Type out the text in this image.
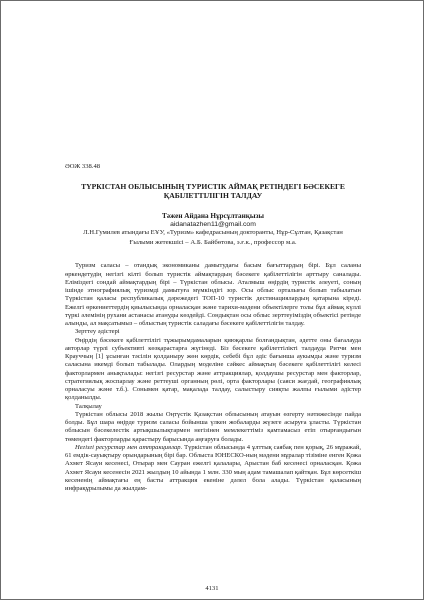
ӘОЖ 338.48

ТҮРКІСТАН ОБЛЫСЫНЫҢ ТУРИСТІК АЙМАҚ РЕТІНДЕГІ БӘСЕКЕГЕ ҚАБІЛЕТТІЛІГІН ТАЛДАУ

Тәжен Айдана Нұрсұлтанқызы

aidanatazhen11@gmail.com

Л.Н.Гумилев атындағы ЕҰУ, «Туризм» кафедрасының докторанты, Нұр-Сұлтан, Қазақстан

Ғылыми жетекшісі – А.Б. Байбөтова, э.ғ.к., профессор м.а.

Туризм саласы – отандық экономиканы дамытудағы басым бағыттардың бірі. Бұл саланы өркендетудің негізгі кілті болып туристік аймақтардың бәсекеге қабілеттілігін арттыру саналады. Еліміздегі сондай аймақтардың бірі – Түркістан облысы. Аталмыш өңірдің туристік әлеуеті, соның ішінде этнографиялық туризмді дамытуға мүмкіндігі зор. Осы облыс орталығы болып табылатын Түркістан қаласы республикалық дәрежедегі ТОП-10 туристік дестинациялардың қатарына кіреді. Ежелгі өркениеттердің қиылысында орналасқан және тарихи-мәдени объектілерге толы бұл аймақ күллі түркі әлемінің рухани астанасы атануды көздейді. Сондықтан осы облыс зерттеуіміздің объектісі ретінде алынды, ал мақсатымыз – облыстың туристік саладағы бәсекеге қабілеттілігін талдау.

Зерттеу әдістері

Өңірдің бәсекеге қабілеттілігі тұжырымдамаларын қиюқарлы болғандықтан, әдетте оны бағалауда авторлар түрлі субъективті көзқарастарға жүгінеді. Біз бәсекеге қабілеттілікті талдауда Ритчи мен Крауччың [1] ұсынған тәсілін қолданыру жөн көрдік, себебі бұл әдіс бағынша аукымды және туризм саласына икемді болып табылады. Олардың моделіне сәйкес аймақтың бәсекеге қабілеттілігі келесі факторлармен анықталады: негізгі ресурстар және аттракциялар, қолдаушы ресурстар мен факторлар, стратегиялық жоспарлау және реттеуші органның рөлі, орта факторлары (саяси жағдай, географиялық орналасуы және т.б.). Сонымен қатар, мақалада талдау, салыстыру сияқты жалпы ғылыми әдістер қолданылды.

Талқылау

Түркістан облысы 2018 жылы Оңтүстік Қазақстан облысының атауын өзгерту нәтижесінде пайда болды. Бұл шара өңірде туризм саласы бойынша үлкен жобаларды жүзеге асыруға ұласты. Түркістан облысын бәсекелестік артықшылықтармен негізінен мемлекеттіміз қамтамасыз етіп отырғандығын төмендегі факторларды қарастыру барысында аңғаруға болады.

Негізгі ресурстар мен аттракциялар. Түркістан облысында 4 ұлттық саябақ пен қорық, 26 мұражай, 61 емдік-сауықтыру орындарының бірі бар. Облыста ЮНЕСКО-ның мәдени мұралар тізіміне енген Қожа Ахмет Ясауи кесенесі, Отырар мен Сауран ежелгі қалалары, Арыстан баб кесенесі орналасқан. Қожа Ахмет Ясауи кесенесін 2021 жылдың 10 айында 1 млн. 330 мың адам тамашалап қайтқан. Бұл көрсеткіш кесененің аймақтағы ең басты аттракция екеніне дәлел бола алады. Түркістан қаласының инфрақұрылымы да жылдам-

4131
